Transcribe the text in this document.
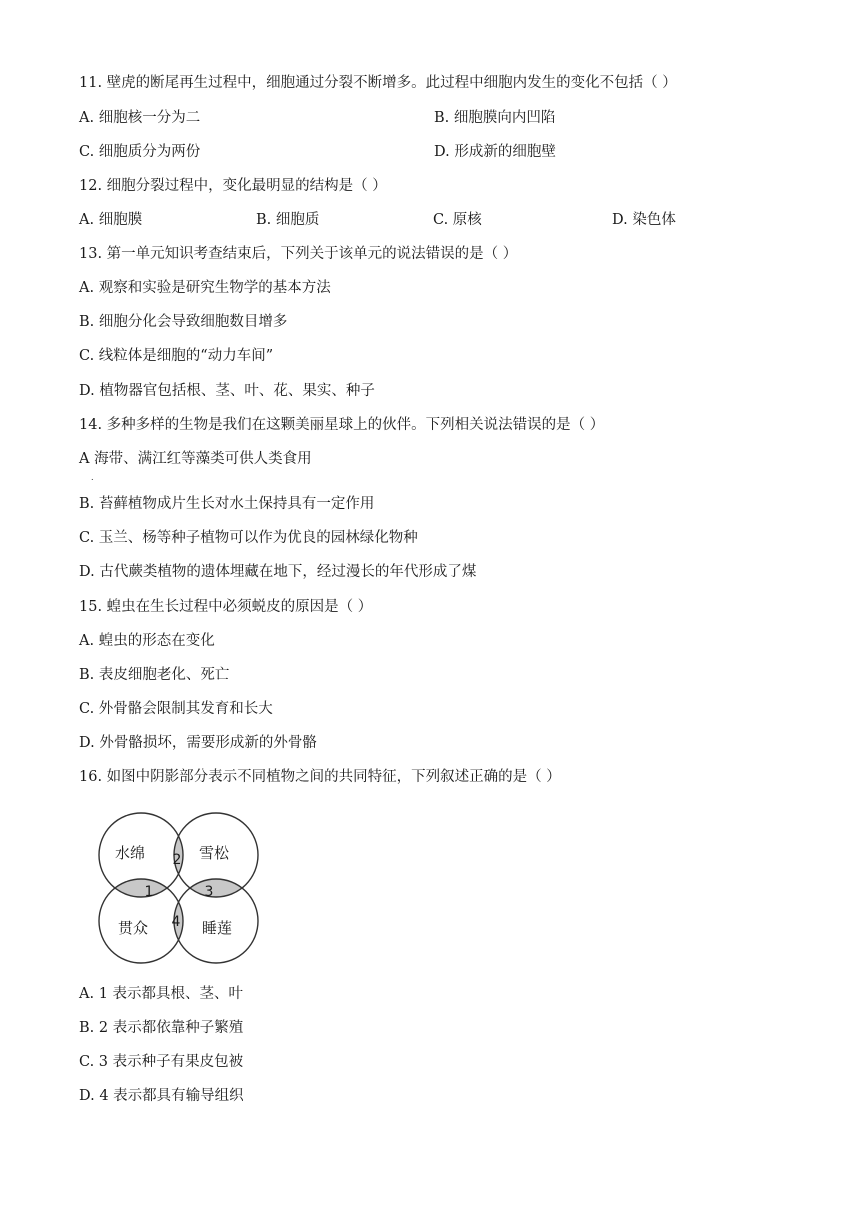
11. 壁虎的断尾再生过程中，细胞通过分裂不断增多。此过程中细胞内发生的变化不包括（ ）
A. 细胞核一分为二	B. 细胞膜向内凹陷
C. 细胞质分为两份	D. 形成新的细胞壁
12. 细胞分裂过程中，变化最明显的结构是（ ）
A. 细胞膜	B. 细胞质	C. 原核	D. 染色体
13. 第一单元知识考查结束后，下列关于该单元的说法错误的是（ ）
A. 观察和实验是研究生物学的基本方法
B. 细胞分化会导致细胞数目增多
C. 线粒体是细胞的“动力车间”
D. 植物器官包括根、茎、叶、花、果实、种子
14. 多种多样的生物是我们在这颗美丽星球上的伙伴。下列相关说法错误的是（ ）
A 海带、满江红等藻类可供人类食用
.
B. 苔藓植物成片生长对水土保持具有一定作用
C. 玉兰、杨等种子植物可以作为优良的园林绿化物种
D. 古代蕨类植物的遗体埋藏在地下，经过漫长的年代形成了煤
15. 蝗虫在生长过程中必须蜕皮的原因是（ ）
A. 蝗虫的形态在变化
B. 表皮细胞老化、死亡
C. 外骨骼会限制其发育和长大
D. 外骨骼损坏，需要形成新的外骨骼
16. 如图中阴影部分表示不同植物之间的共同特征，下列叙述正确的是（ ）
水绵	雪松
贯众	睡莲
1
2
3
4
A. 1 表示都具根、茎、叶
B. 2 表示都依靠种子繁殖
C. 3 表示种子有果皮包被
D. 4 表示都具有输导组织
